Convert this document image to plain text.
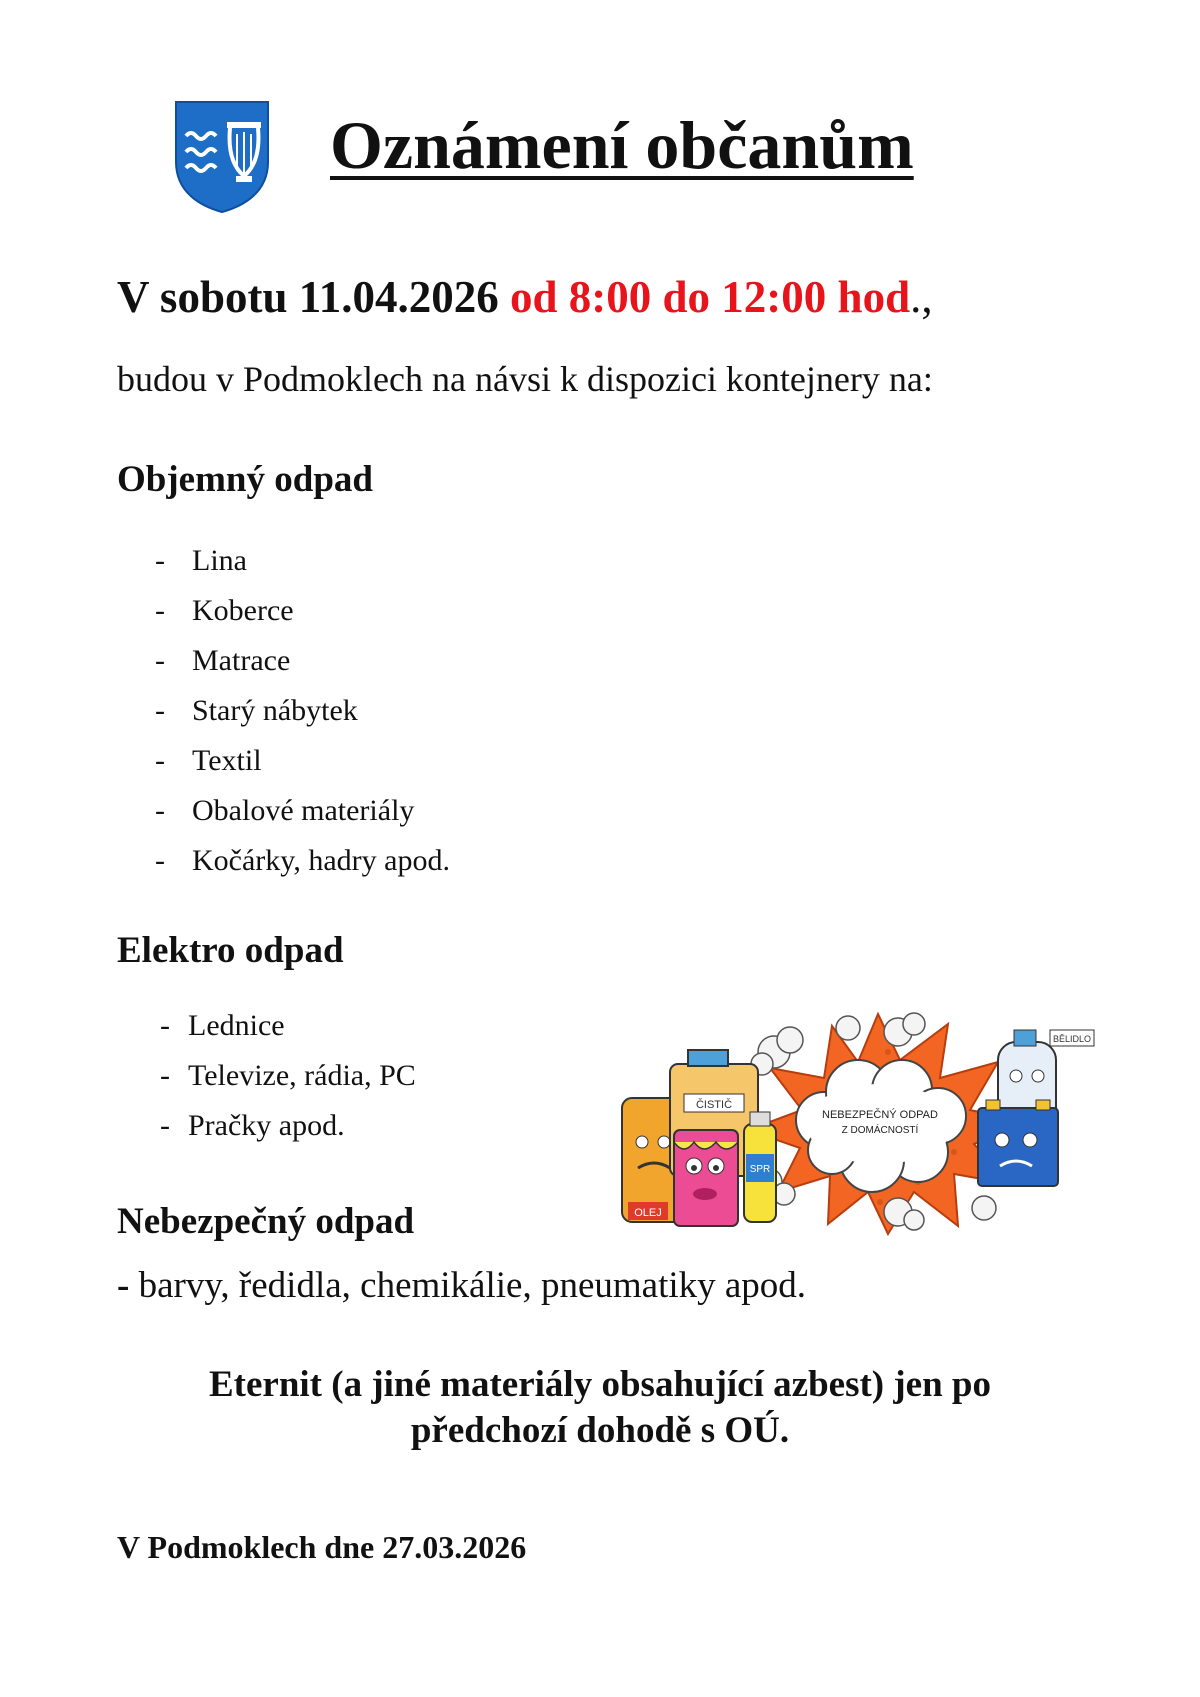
Oznámení občanům
V sobotu 11.04.2026 od 8:00 do 12:00 hod.,
budou v Podmoklech na návsi k dispozici kontejnery na:
Objemný odpad
- Lina
- Koberce
- Matrace
- Starý nábytek
- Textil
- Obalové materiály
- Kočárky, hadry apod.
Elektro odpad
- Lednice
- Televize, rádia, PC
- Pračky apod.	NEBEZPEČNÝ ODPAD
Z DOMÁCNOSTÍ
OLEJ
ČISTIČ
SPR
BĚLIDLO
Nebezpečný odpad
- barvy, ředidla, chemikálie, pneumatiky apod.
Eternit (a jiné materiály obsahující azbest) jen po
předchozí dohodě s OÚ.
V Podmoklech dne 27.03.2026
